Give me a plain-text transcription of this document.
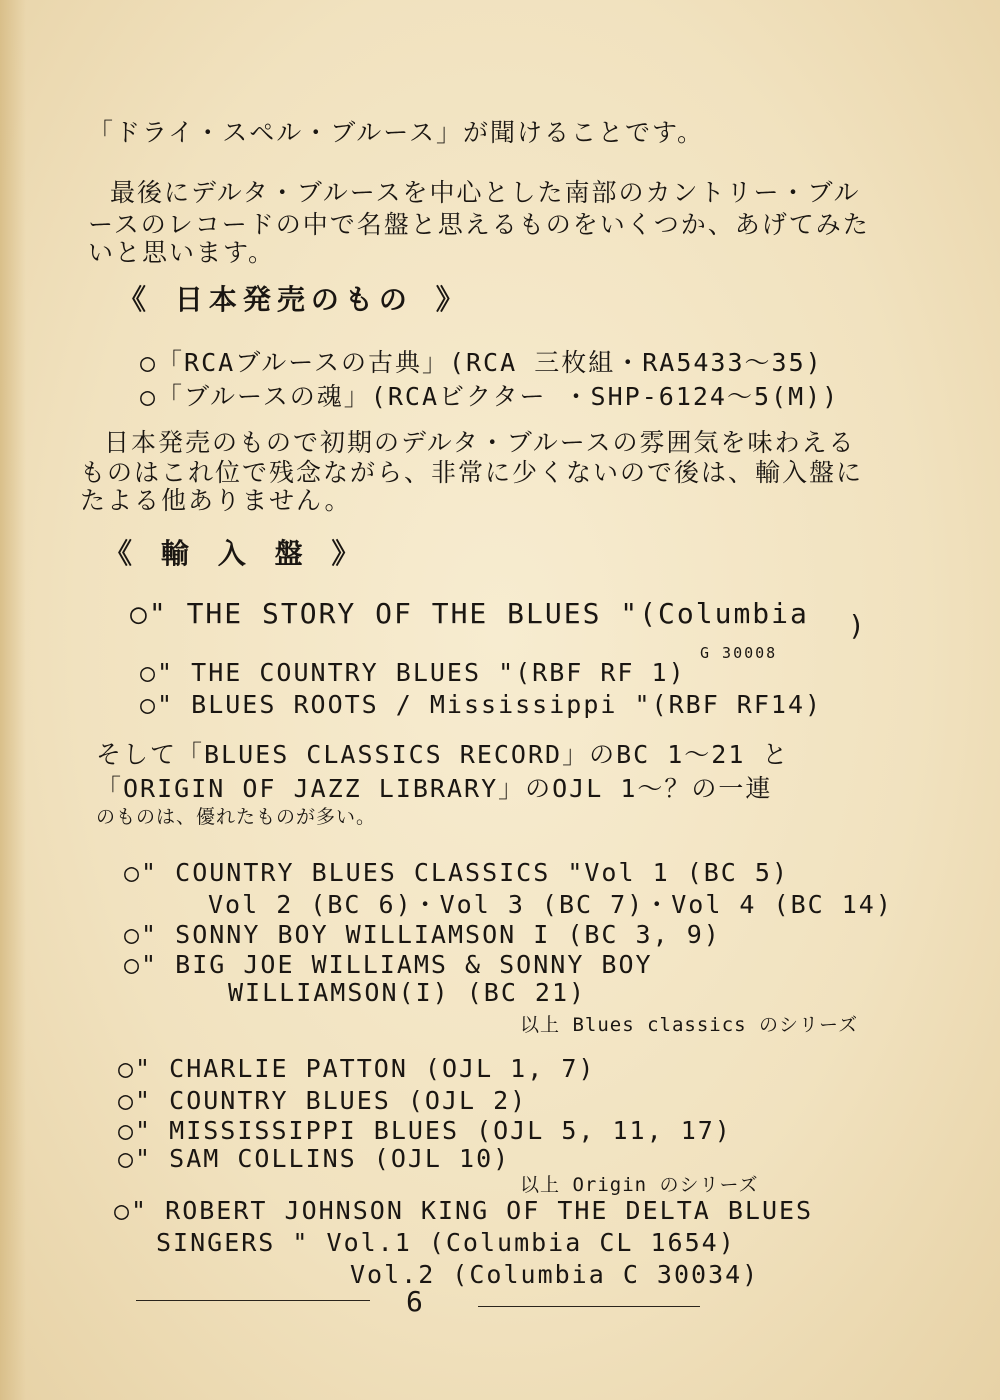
「ドライ・スペル・ブルース」が聞けることです。
最後にデルタ・ブルースを中心とした南部のカントリー・ブル
ースのレコードの中で名盤と思えるものをいくつか、あげてみた
いと思います。
《 日本発売のもの 》
○「RCAブルースの古典」(RCA 三枚組・RA5433～35)
○「ブルースの魂」(RCAビクター ・SHP-6124～5(M))
日本発売のもので初期のデルタ・ブルースの雰囲気を味わえる
ものはこれ位で残念ながら、非常に少くないので後は、輸入盤に
たよる他ありません。
《 輸 入 盤 》
○" THE STORY OF THE BLUES "(Columbia
G 30008
)
○" THE COUNTRY BLUES "(RBF RF 1)
○" BLUES ROOTS / Mississippi "(RBF RF14)
そして「BLUES CLASSICS RECORD」のBC 1～21 と
「ORIGIN OF JAZZ LIBRARY」のOJL 1～？の一連
のものは、優れたものが多い。
○" COUNTRY BLUES CLASSICS "Vol 1 (BC 5)
Vol 2 (BC 6)・Vol 3 (BC 7)・Vol 4 (BC 14)
○" SONNY BOY WILLIAMSON I (BC 3, 9)
○" BIG JOE WILLIAMS & SONNY BOY
WILLIAMSON(I) (BC 21)
以上 Blues classics のシリーズ
○" CHARLIE PATTON (OJL 1, 7)
○" COUNTRY BLUES (OJL 2)
○" MISSISSIPPI BLUES (OJL 5, 11, 17)
○" SAM COLLINS (OJL 10)
以上 Origin のシリーズ
○" ROBERT JOHNSON KING OF THE DELTA BLUES
SINGERS " Vol.1 (Columbia CL 1654)
Vol.2 (Columbia C 30034)
6
